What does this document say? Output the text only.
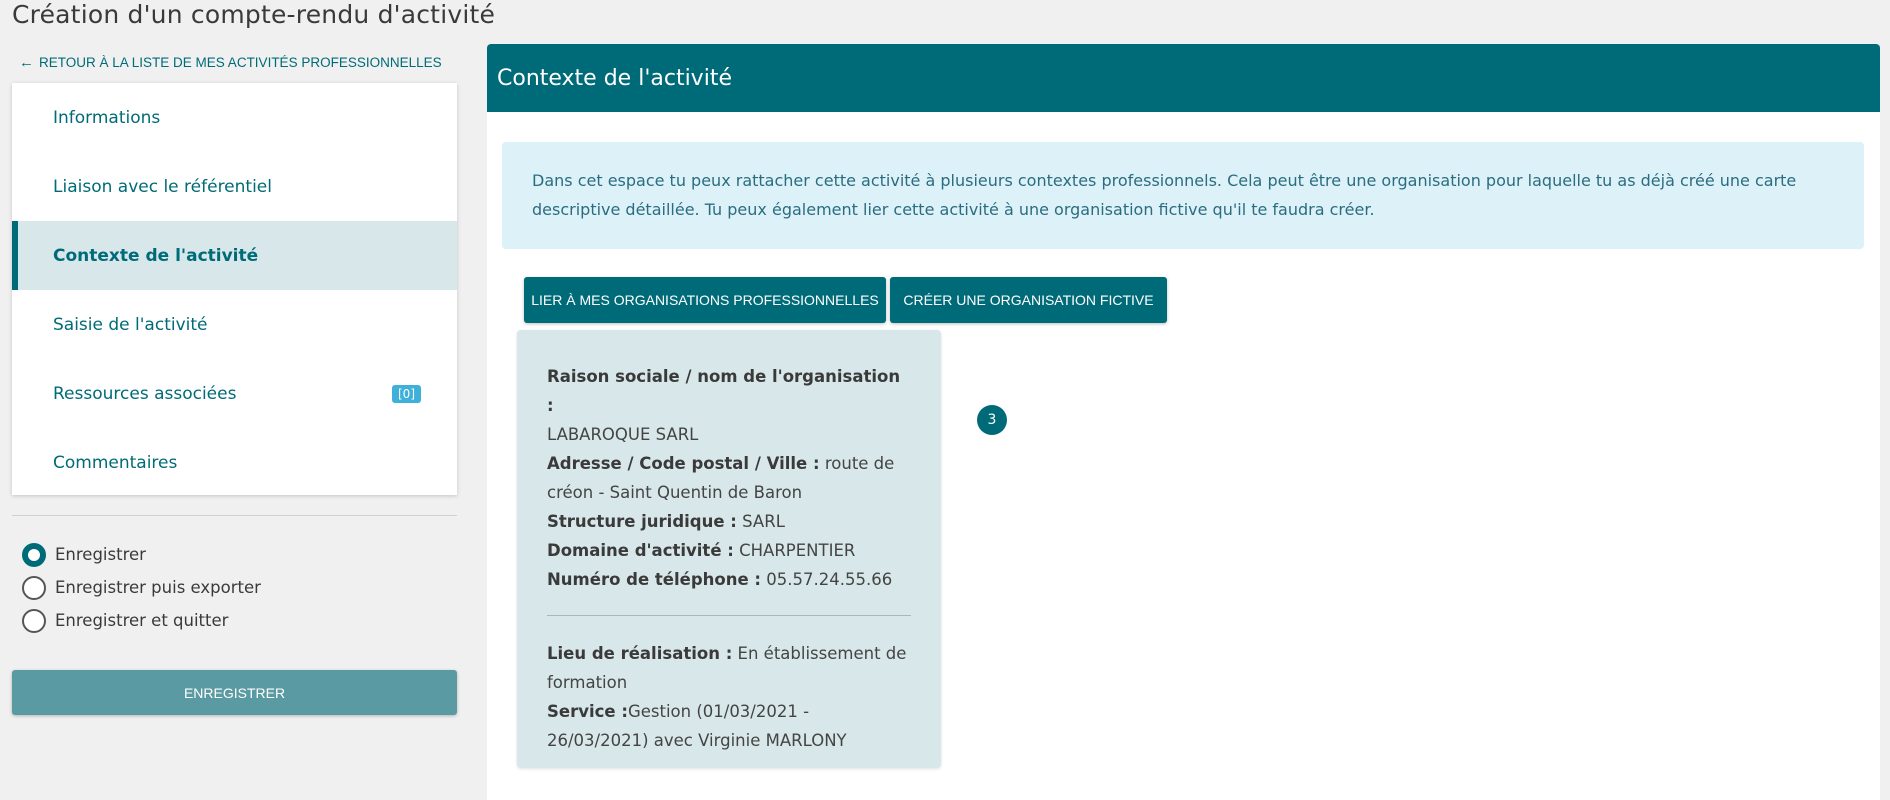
Création d'un compte-rendu d'activité
← RETOUR À LA LISTE DE MES ACTIVITÉS PROFESSIONNELLES
Informations
Liaison avec le référentiel
Contexte de l'activité
Saisie de l'activité
Ressources associées	[0]
Commentaires
Enregistrer
Enregistrer puis exporter
Enregistrer et quitter
ENREGISTRER
Contexte de l'activité
Dans cet espace tu peux rattacher cette activité à plusieurs contextes professionnels. Cela peut être une organisation pour laquelle tu as déjà créé une carte descriptive détaillée. Tu peux également lier cette activité à une organisation fictive qu'il te faudra créer.
LIER À MES ORGANISATIONS PROFESSIONNELLES	CRÉER UNE ORGANISATION FICTIVE
Raison sociale / nom de l'organisation :
LABAROQUE SARL
Adresse / Code postal / Ville : route de créon - Saint Quentin de Baron
Structure juridique : SARL
Domaine d'activité : CHARPENTIER
Numéro de téléphone : 05.57.24.55.66
Lieu de réalisation : En établissement de formation
Service :Gestion (01/03/2021 - 26/03/2021) avec Virginie MARLONY
3
